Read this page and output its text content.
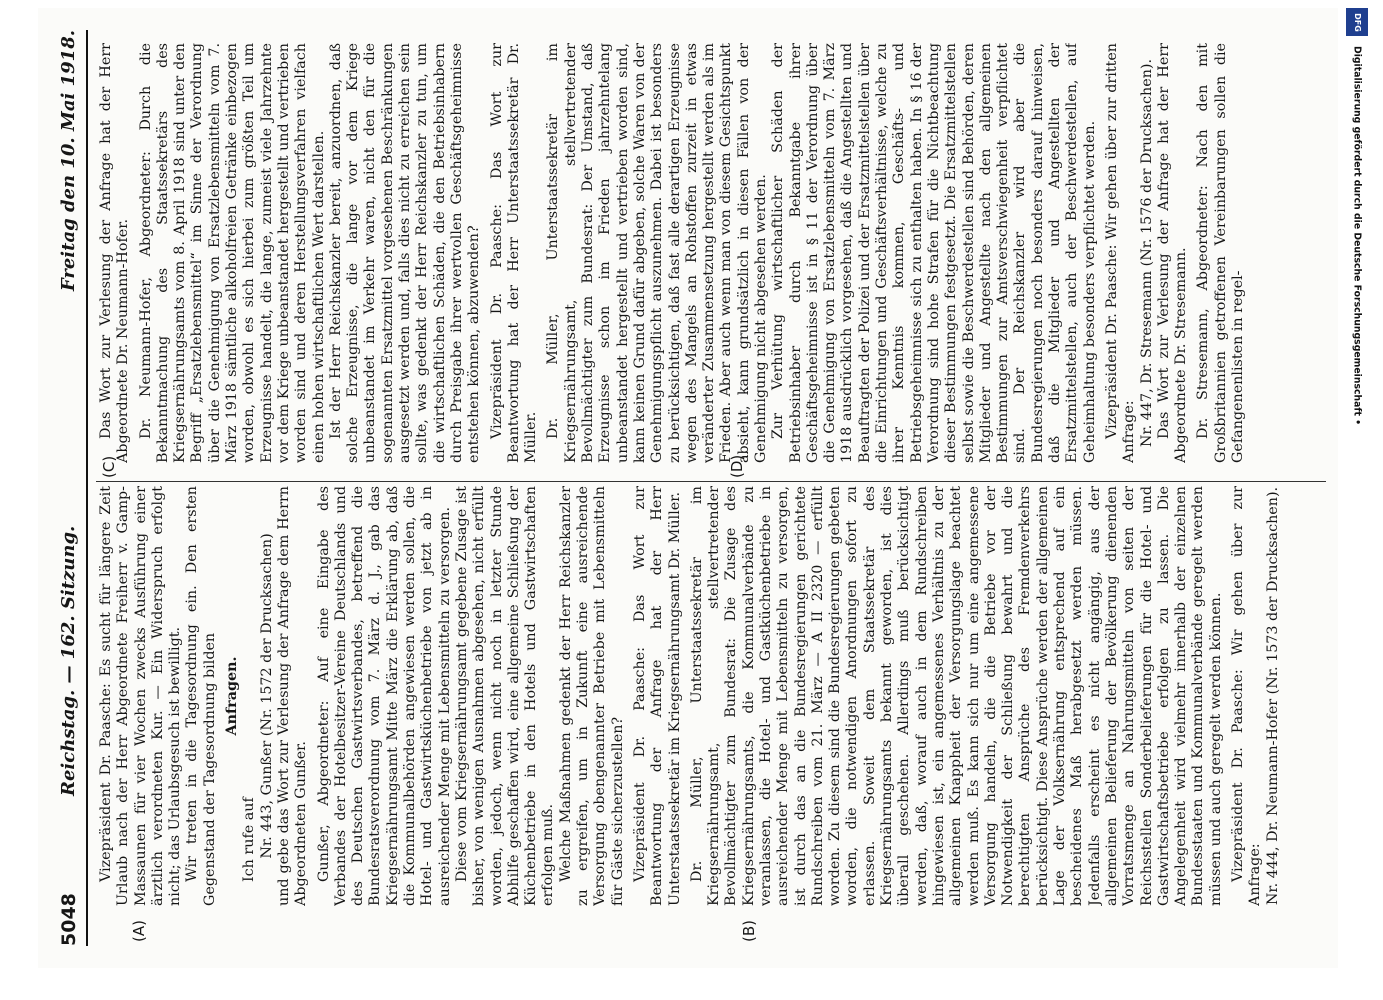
5048
Reichstag. — 162. Sitzung.
Freitag den 10. Mai 1918.
(A)	(B)
(C)	(D)

Vizepräsident Dr. Paasche: Es sucht für längere Zeit Urlaub nach der Herr Abgeordnete Freiherr v. Gamp-Massaunen für vier Wochen zwecks Ausführung einer ärztlich verordneten Kur. — Ein Widerspruch erfolgt nicht; das Urlaubsgesuch ist bewilligt. Wir treten in die Tagesordnung ein. Den ersten Gegenstand der Tagesordnung bilden Anfragen.

Ich rufe auf Nr. 443, Gunßer (Nr. 1572 der Drucksachen) und gebe das Wort zur Verlesung der Anfrage dem Herrn Abgeordneten Gunßer. Gunßer, Abgeordneter: Auf eine Eingabe des Verbandes der Hotelbesitzer-Vereine Deutschlands und des Deutschen Gastwirtsverbandes, betreffend die Bundesratsverordnung vom 7. März d. J., gab das Kriegsernährungsamt Mitte März die Erklärung ab, daß die Kommunalbehörden angewiesen werden sollen, die Hotel- und Gastwirtsküchenbetriebe von jetzt ab in ausreichender Menge mit Lebensmitteln zu versorgen. Diese vom Kriegsernährungsamt gegebene Zusage ist bisher, von wenigen Ausnahmen abgesehen, nicht erfüllt worden, jedoch, wenn nicht noch in letzter Stunde Abhilfe geschaffen wird, eine allgemeine Schließung der Küchenbetriebe in den Hotels und Gastwirtschaften erfolgen muß. Welche Maßnahmen gedenkt der Herr Reichskanzler zu ergreifen, um in Zukunft eine ausreichende Versorgung obengenannter Betriebe mit Lebensmitteln für Gäste sicherzustellen? Vizepräsident Dr. Paasche: Das Wort zur Beantwortung der Anfrage hat der Herr Unterstaatssekretär im Kriegsernährungsamt Dr. Müller. Dr. Müller, Unterstaatssekretär im Kriegsernährungsamt, stellvertretender Bevollmächtigter zum Bundesrat: Die Zusage des Kriegsernährungsamts, die Kommunalverbände zu veranlassen, die Hotel- und Gastküchenbetriebe in ausreichender Menge mit Lebensmitteln zu versorgen, ist durch das an die Bundesregierungen gerichtete Rundschreiben vom 21. März — A II 2320 — erfüllt worden. Zu diesem sind die Bundesregierungen gebeten worden, die notwendigen Anordnungen sofort zu erlassen. Soweit dem Staatssekretär des Kriegsernährungsamts bekannt geworden, ist dies überall geschehen. Allerdings muß berücksichtigt werden, daß, worauf auch in dem Rundschreiben hingewiesen ist, ein angemessenes Verhältnis zu der allgemeinen Knappheit der Versorgungslage beachtet werden muß. Es kann sich nur um eine angemessene Versorgung handeln, die die Betriebe vor der Notwendigkeit der Schließung bewahrt und die berechtigten Ansprüche des Fremdenverkehrs berücksichtigt. Diese Ansprüche werden der allgemeinen Lage der Volksernährung entsprechend auf ein bescheidenes Maß herabgesetzt werden müssen. Jedenfalls erscheint es nicht angängig, aus der allgemeinen Belieferung der Bevölkerung dienenden Vorratsmenge an Nahrungsmitteln von seiten der Reichsstellen Sonderbelieferungen für die Hotel- und Gastwirtschaftsbetriebe erfolgen zu lassen. Die Angelegenheit wird vielmehr innerhalb der einzelnen Bundesstaaten und Kommunalverbände geregelt werden müssen und auch geregelt werden können. Vizepräsident Dr. Paasche: Wir gehen über zur Anfrage: Nr. 444, Dr. Neumann-Hofer (Nr. 1573 der Drucksachen).

Das Wort zur Verlesung der Anfrage hat der Herr Abgeordnete Dr. Neumann-Hofer. Dr. Neumann-Hofer, Abgeordneter: Durch die Bekanntmachung des Staatssekretärs des Kriegsernährungsamts vom 8. April 1918 sind unter den Begriff „Ersatzlebensmittel“ im Sinne der Verordnung über die Genehmigung von Ersatzlebensmitteln vom 7. März 1918 sämtliche alkoholfreien Getränke einbezogen worden, obwohl es sich hierbei zum größten Teil um Erzeugnisse handelt, die lange, zumeist viele Jahrzehnte vor dem Kriege unbeanstandet hergestellt und vertrieben worden sind und deren Herstellungsverfahren vielfach einen hohen wirtschaftlichen Wert darstellen. Ist der Herr Reichskanzler bereit, anzuordnen, daß solche Erzeugnisse, die lange vor dem Kriege unbeanstandet im Verkehr waren, nicht den für die sogenannten Ersatzmittel vorgesehenen Beschränkungen ausgesetzt werden und, falls dies nicht zu erreichen sein sollte, was gedenkt der Herr Reichskanzler zu tun, um die wirtschaftlichen Schäden, die den Betriebsinhabern durch Preisgabe ihrer wertvollen Geschäftsgeheimnisse entstehen können, abzuwenden? Vizepräsident Dr. Paasche: Das Wort zur Beantwortung hat der Herr Unterstaatssekretär Dr. Müller. Dr. Müller, Unterstaatssekretär im Kriegsernährungsamt, stellvertretender Bevollmächtigter zum Bundesrat: Der Umstand, daß Erzeugnisse schon im Frieden jahrzehntelang unbeanstandet hergestellt und vertrieben worden sind, kann keinen Grund dafür abgeben, solche Waren von der Genehmigungspflicht auszunehmen. Dabei ist besonders zu berücksichtigen, daß fast alle derartigen Erzeugnisse wegen des Mangels an Rohstoffen zurzeit in etwas veränderter Zusammensetzung hergestellt werden als im Frieden. Aber auch wenn man von diesem Gesichtspunkt absieht, kann grundsätzlich in diesen Fällen von der Genehmigung nicht abgesehen werden. Zur Verhütung wirtschaftlicher Schäden der Betriebsinhaber durch Bekanntgabe ihrer Geschäftsgeheimnisse ist in § 11 der Verordnung über die Genehmigung von Ersatzlebensmitteln vom 7. März 1918 ausdrücklich vorgesehen, daß die Angestellten und Beauftragten der Polizei und der Ersatzmittelstellen über die Einrichtungen und Geschäftsverhältnisse, welche zu ihrer Kenntnis kommen, Geschäfts- und Betriebsgeheimnisse sich zu enthalten haben. In § 16 der Verordnung sind hohe Strafen für die Nichtbeachtung dieser Bestimmungen festgesetzt. Die Ersatzmittelstellen selbst sowie die Beschwerdestellen sind Behörden, deren Mitglieder und Angestellte nach den allgemeinen Bestimmungen zur Amtsverschwiegenheit verpflichtet sind. Der Reichskanzler wird aber die Bundesregierungen noch besonders darauf hinweisen, daß die Mitglieder und Angestellten der Ersatzmittelstellen, auch der Beschwerdestellen, auf Geheimhaltung besonders verpflichtet werden. Vizepräsident Dr. Paasche: Wir gehen über zur dritten Anfrage: Nr. 447, Dr. Stresemann (Nr. 1576 der Drucksachen). Das Wort zur Verlesung der Anfrage hat der Herr Abgeordnete Dr. Stresemann. Dr. Stresemann, Abgeordneter: Nach den mit Großbritannien getroffenen Vereinbarungen sollen die Gefangenenlisten in regel-

DFG
Digitalisierung gefördert durch die Deutsche Forschungsgemeinschaft •
